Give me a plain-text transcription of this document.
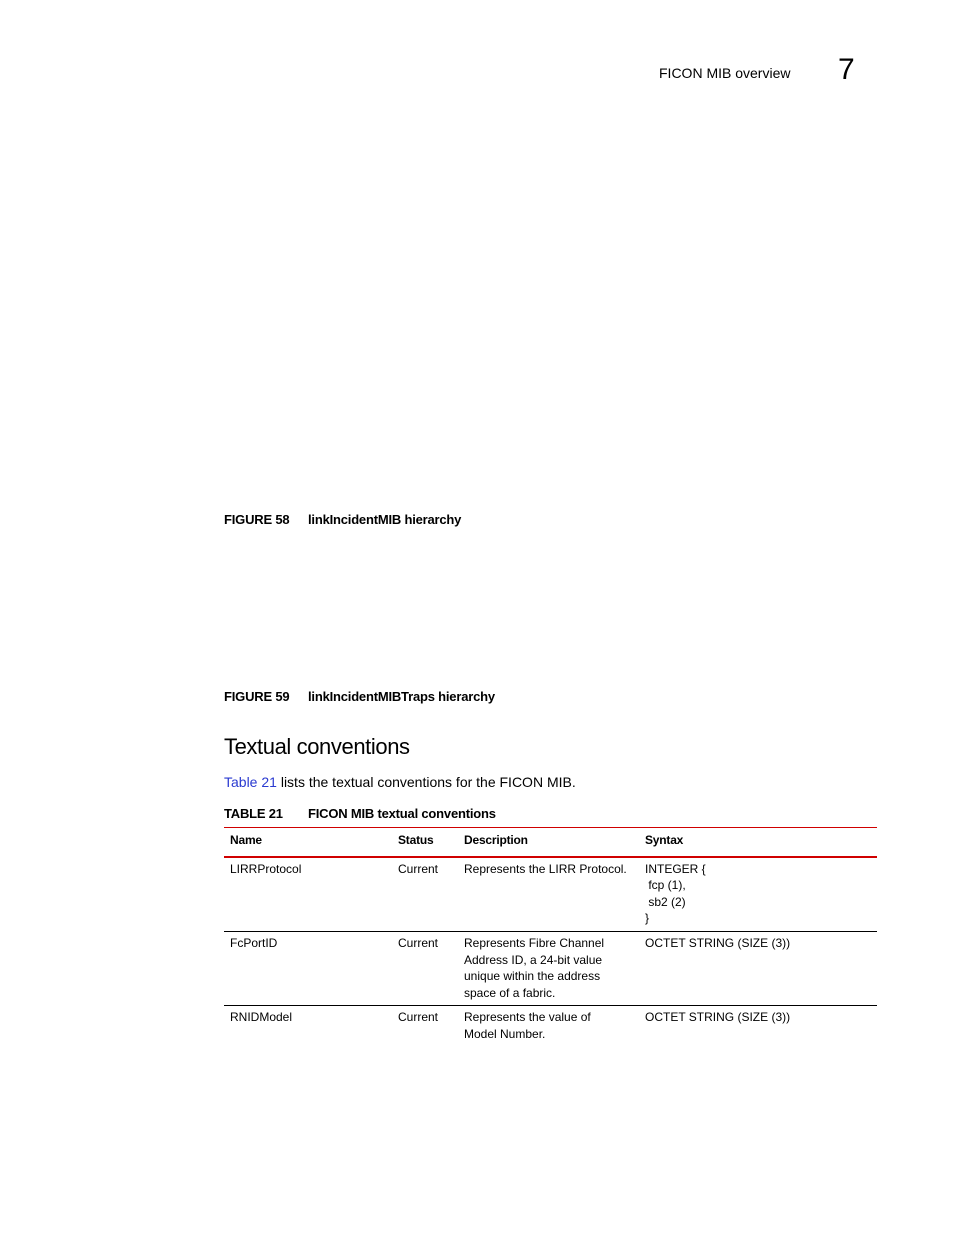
FICON MIB overview 7
FIGURE 58 linkIncidentMIB hierarchy
FIGURE 59 linkIncidentMIBTraps hierarchy
Textual conventions
Table 21 lists the textual conventions for the FICON MIB.
TABLE 21 FICON MIB textual conventions
Name	Status	Description	Syntax
LIRRProtocol	Current	Represents the LIRR Protocol.	INTEGER {
fcp (1),
sb2 (2)
}

FcPortID	Current	Represents Fibre Channel
Address ID, a 24-bit value
unique within the address
space of a fabric.	OCTET STRING (SIZE (3))

RNIDModel	Current	Represents the value of
Model Number.	OCTET STRING (SIZE (3))
